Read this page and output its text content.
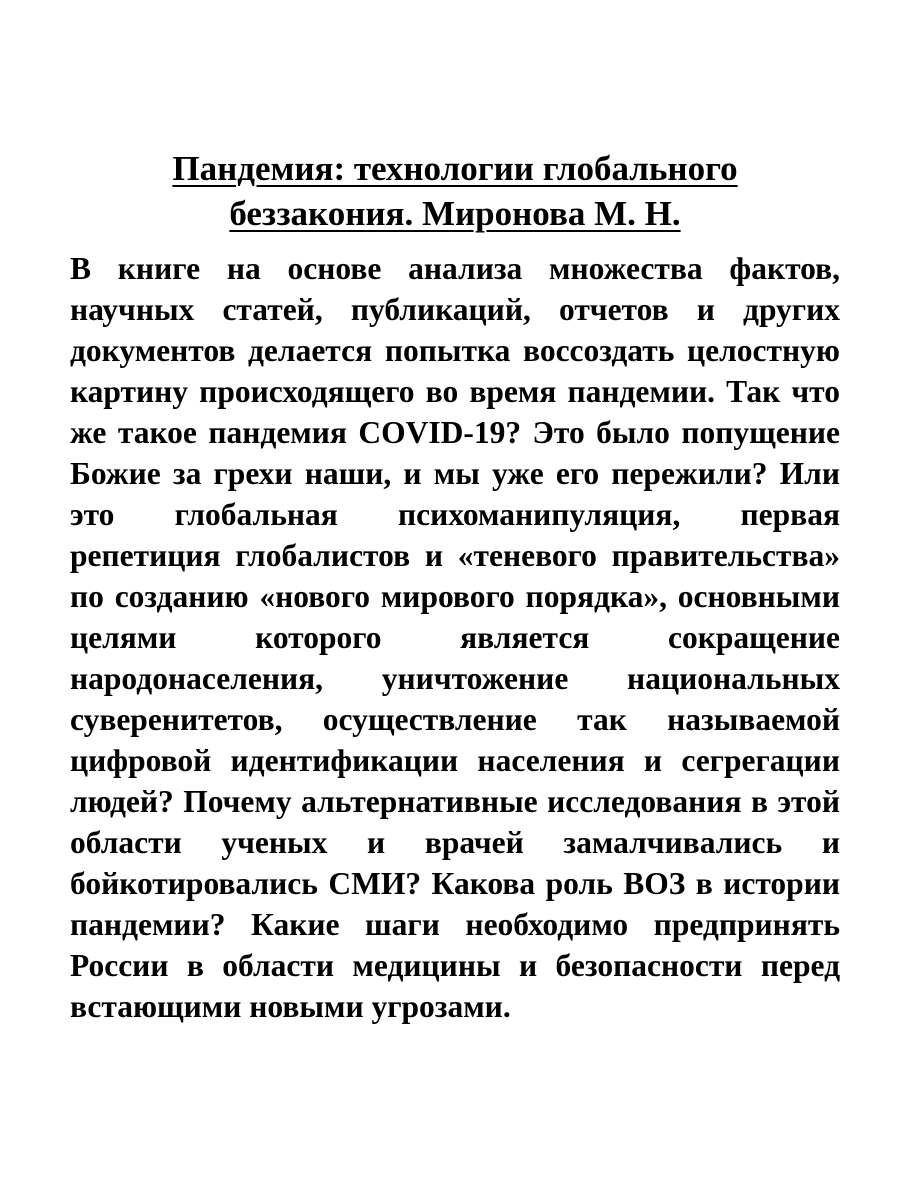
Пандемия: технологии глобального
беззакония. Миронова М. Н.

В книге на основе анализа множества фактов, научных статей, публикаций, отчетов и других документов делается попытка воссоздать целостную картину происходящего во время пандемии. Так что же такое пандемия COVID-19? Это было попущение Божие за грехи наши, и мы уже его пережили? Или это глобальная психоманипуляция, первая репетиция глобалистов и «теневого правительства» по созданию «нового мирового порядка», основными целями которого является сокращение народонаселения, уничтожение национальных суверенитетов, осуществление так называемой цифровой идентификации населения и сегрегации людей? Почему альтернативные исследования в этой области ученых и врачей замалчивались и бойкотировались СМИ? Какова роль ВОЗ в истории пандемии? Какие шаги необходимо предпринять России в области медицины и безопасности перед встающими новыми угрозами.
